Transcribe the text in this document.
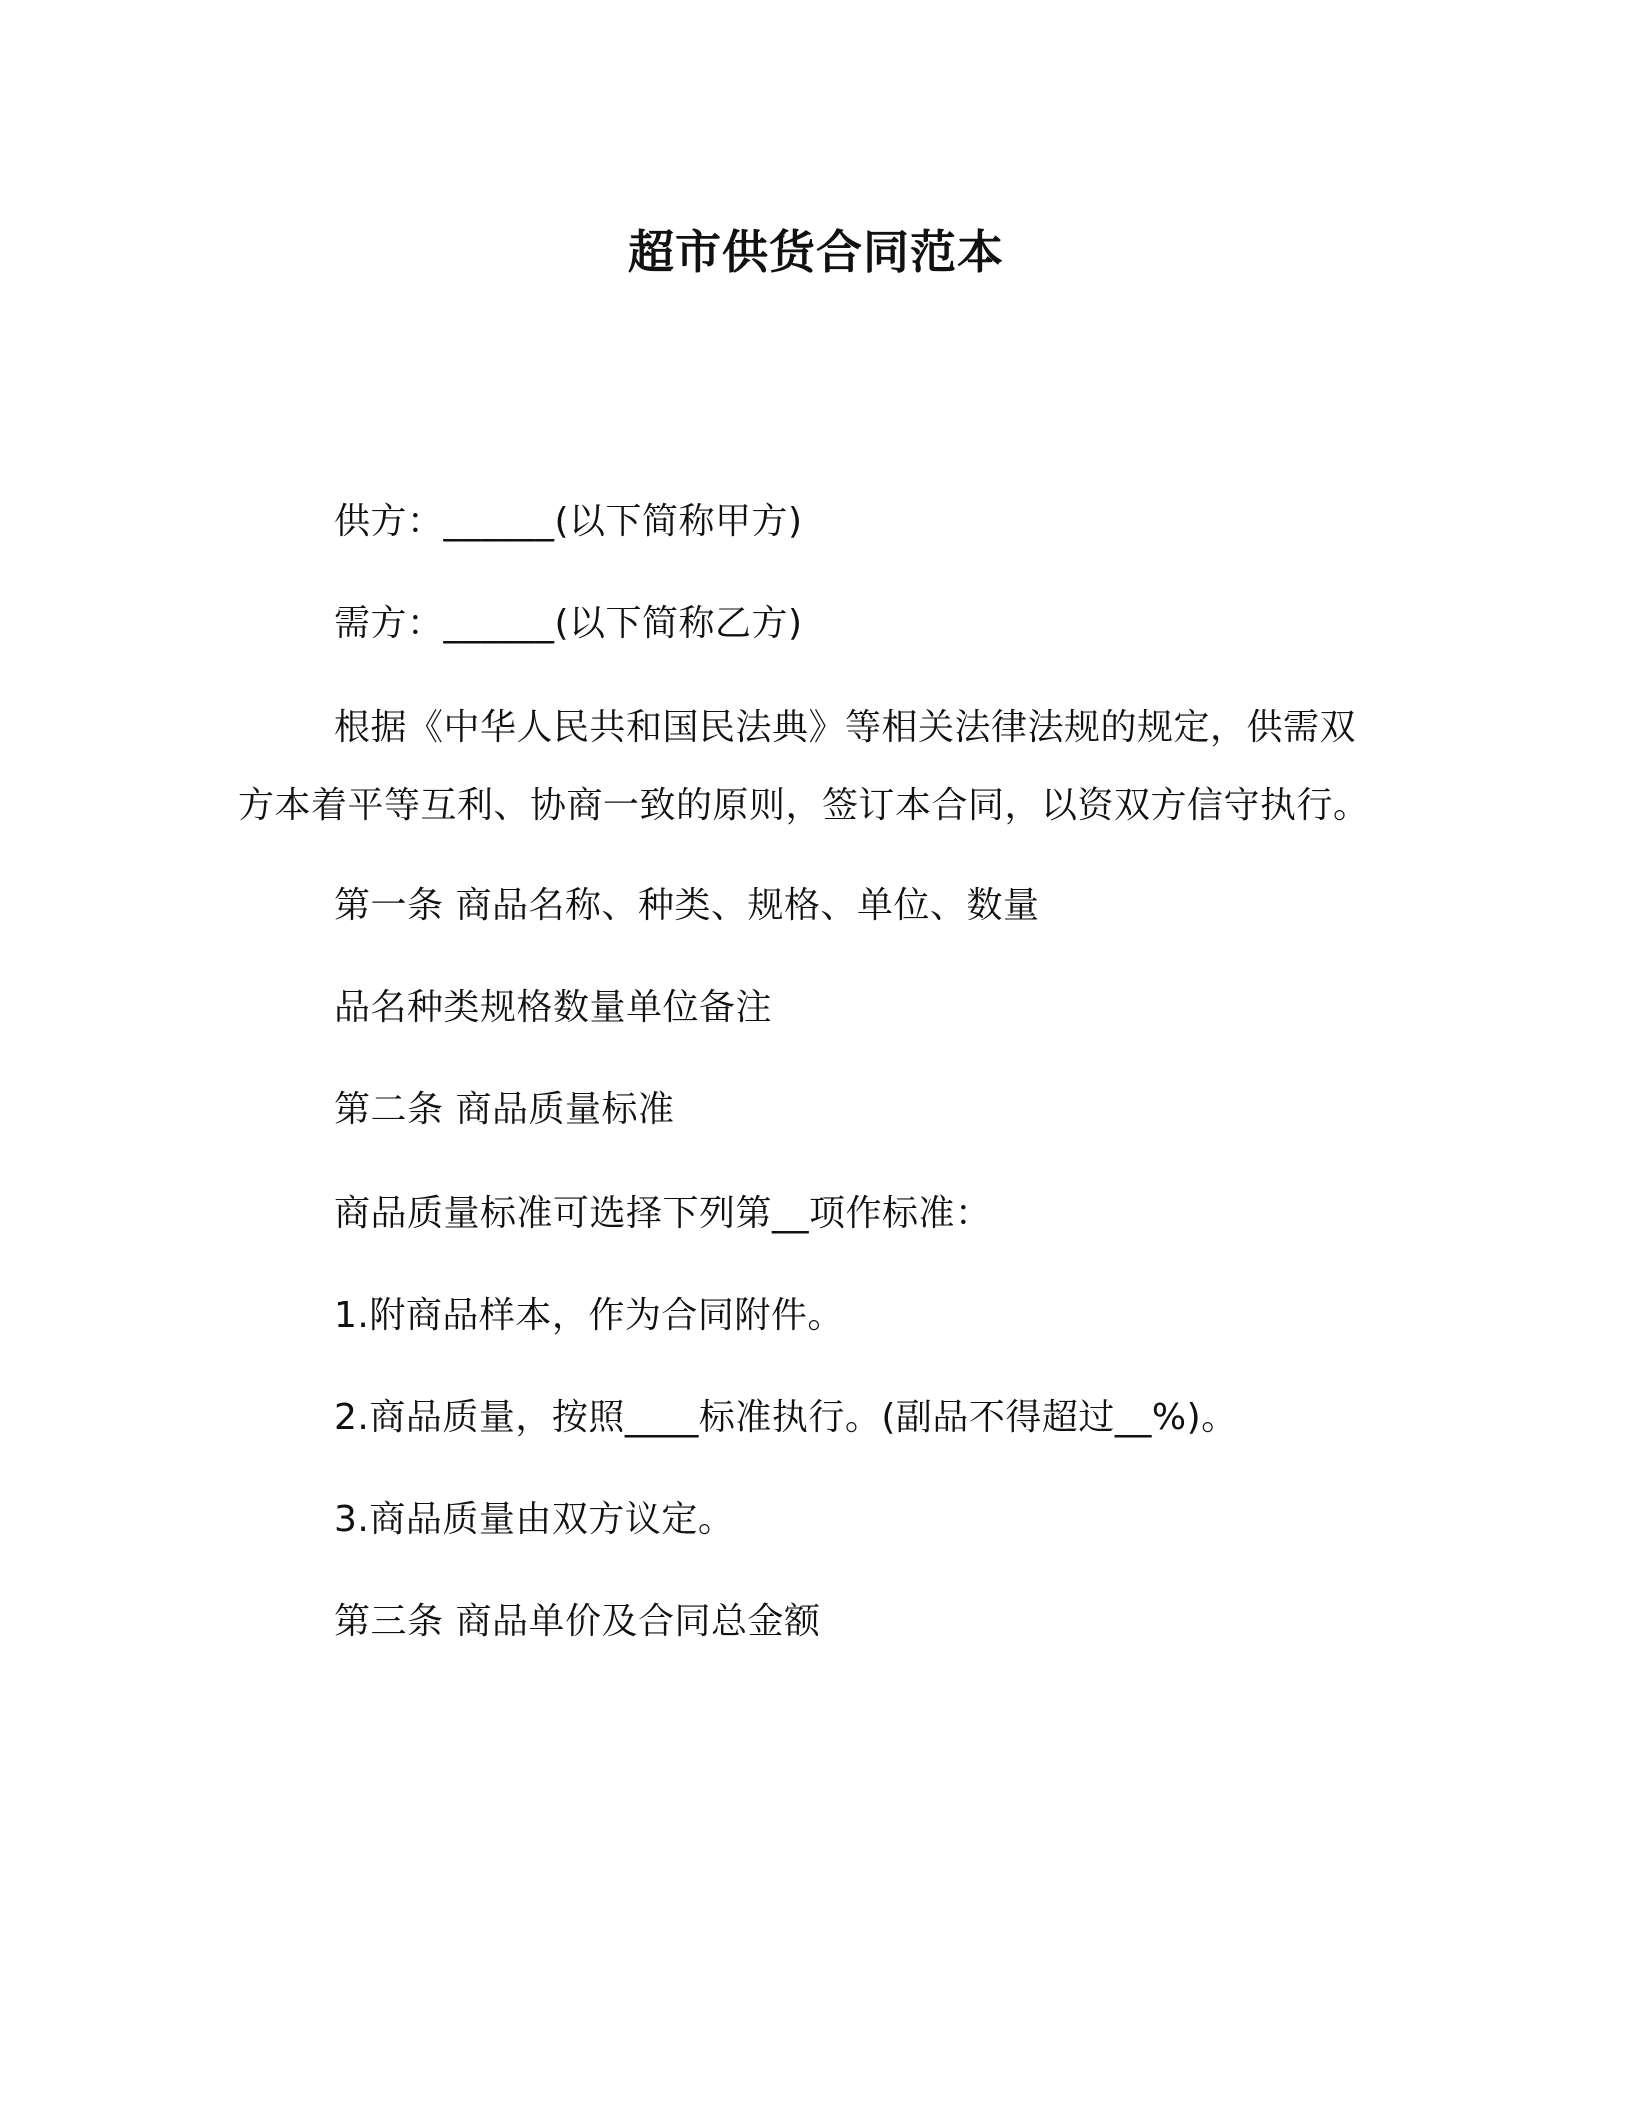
超市供货合同范本
供方：______(以下简称甲方)
需方：______(以下简称乙方)
根据《中华人民共和国民法典》等相关法律法规的规定，供需双
方本着平等互利、协商一致的原则，签订本合同，以资双方信守执行。
第一条 商品名称、种类、规格、单位、数量
品名种类规格数量单位备注
第二条 商品质量标准
商品质量标准可选择下列第__项作标准：
1.附商品样本，作为合同附件。
2.商品质量，按照____标准执行。(副品不得超过__%)。
3.商品质量由双方议定。
第三条 商品单价及合同总金额
